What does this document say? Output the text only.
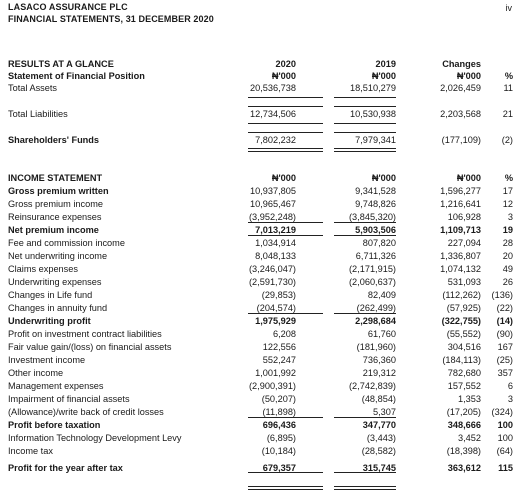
LASACO ASSURANCE PLC
FINANCIAL STATEMENTS, 31 DECEMBER 2020
iv
RESULTS AT A GLANCE	2020	2019	Changes
Statement of Financial Position	₦'000	₦'000	₦'000	%
Total Assets	20,536,738	18,510,279	2,026,459 11
Total Liabilities	12,734,506	10,530,938	2,203,568 21
Shareholders' Funds	7,802,232	7,979,341	(177,109) (2)
INCOME STATEMENT	₦'000	₦'000	₦'000	%
Gross premium written	10,937,805	9,341,528	1,596,277 17
Gross premium income	10,965,467	9,748,826	1,216,641 12
Reinsurance expenses	(3,952,248)	(3,845,320)	106,928	3
Net premium income	7,013,219	5,903,506	1,109,713 19
Fee and commission income	1,034,914	807,820	227,094 28
Net underwriting income	8,048,133	6,711,326	1,336,807 20
Claims expenses	(3,246,047)	(2,171,915)	1,074,132 49
Underwriting expenses	(2,591,730)	(2,060,637)	531,093 26
Changes in Life fund	(29,853)	82,409	(112,262) (136)
Changes in annuity fund	(204,574)	(262,499)	(57,925) (22)
Underwriting profit	1,975,929	2,298,684	(322,755) (14)
Profit on investment contract liabilities	6,208	61,760	(55,552) (90)
Fair value gain/(loss) on financial assets	122,556	(181,960)	304,516 167
Investment income	552,247	736,360	(184,113) (25)
Other income	1,001,992	219,312	782,680 357
Management expenses	(2,900,391)	(2,742,839)	157,552	6
Impairment of financial assets	(50,207)	(48,854)	1,353	3
(Allowance)/write back of credit losses	(11,898)	5,307	(17,205) (324)
Profit before taxation	696,436	347,770	348,666 100
Information Technology Development Levy	(6,895)	(3,443)	3,452 100
Income tax	(10,184)	(28,582)	(18,398) (64)
Profit for the year after tax	679,357	315,745	363,612 115
